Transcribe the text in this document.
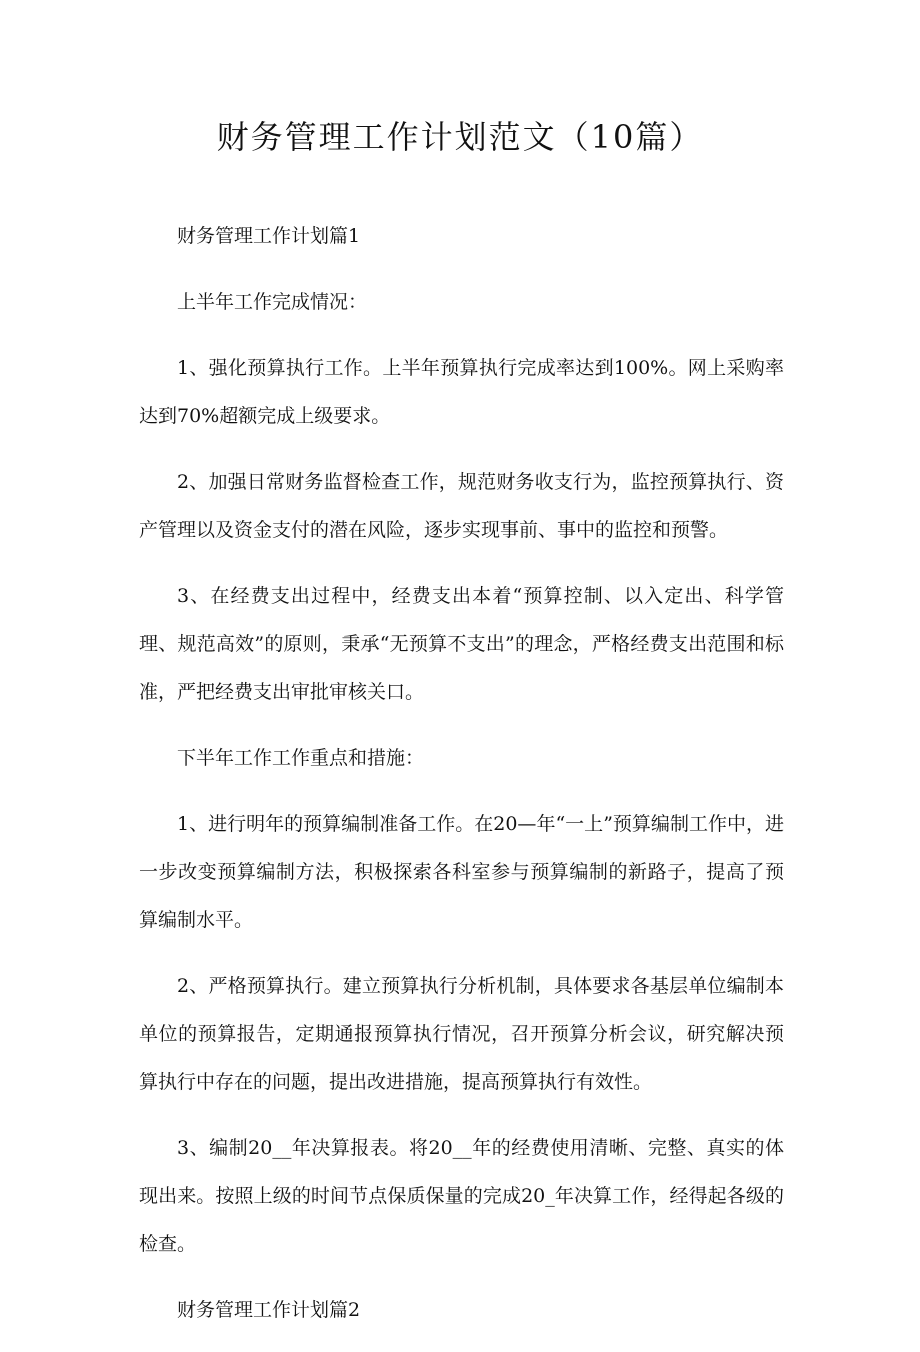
财务管理工作计划范文（10篇）

财务管理工作计划篇1

上半年工作完成情况：

1、强化预算执行工作。上半年预算执行完成率达到100%。网上采购率达到70%超额完成上级要求。

2、加强日常财务监督检查工作，规范财务收支行为，监控预算执行、资产管理以及资金支付的潜在风险，逐步实现事前、事中的监控和预警。

3、在经费支出过程中，经费支出本着“预算控制、以入定出、科学管理、规范高效”的原则，秉承“无预算不支出”的理念，严格经费支出范围和标准，严把经费支出审批审核关口。

下半年工作工作重点和措施：

1、进行明年的预算编制准备工作。在20—年“一上”预算编制工作中，进一步改变预算编制方法，积极探索各科室参与预算编制的新路子，提高了预算编制水平。

2、严格预算执行。建立预算执行分析机制，具体要求各基层单位编制本单位的预算报告，定期通报预算执行情况，召开预算分析会议，研究解决预算执行中存在的问题，提出改进措施，提高预算执行有效性。

3、编制20__年决算报表。将20__年的经费使用清晰、完整、真实的体现出来。按照上级的时间节点保质保量的完成20_年决算工作，经得起各级的检查。

财务管理工作计划篇2
